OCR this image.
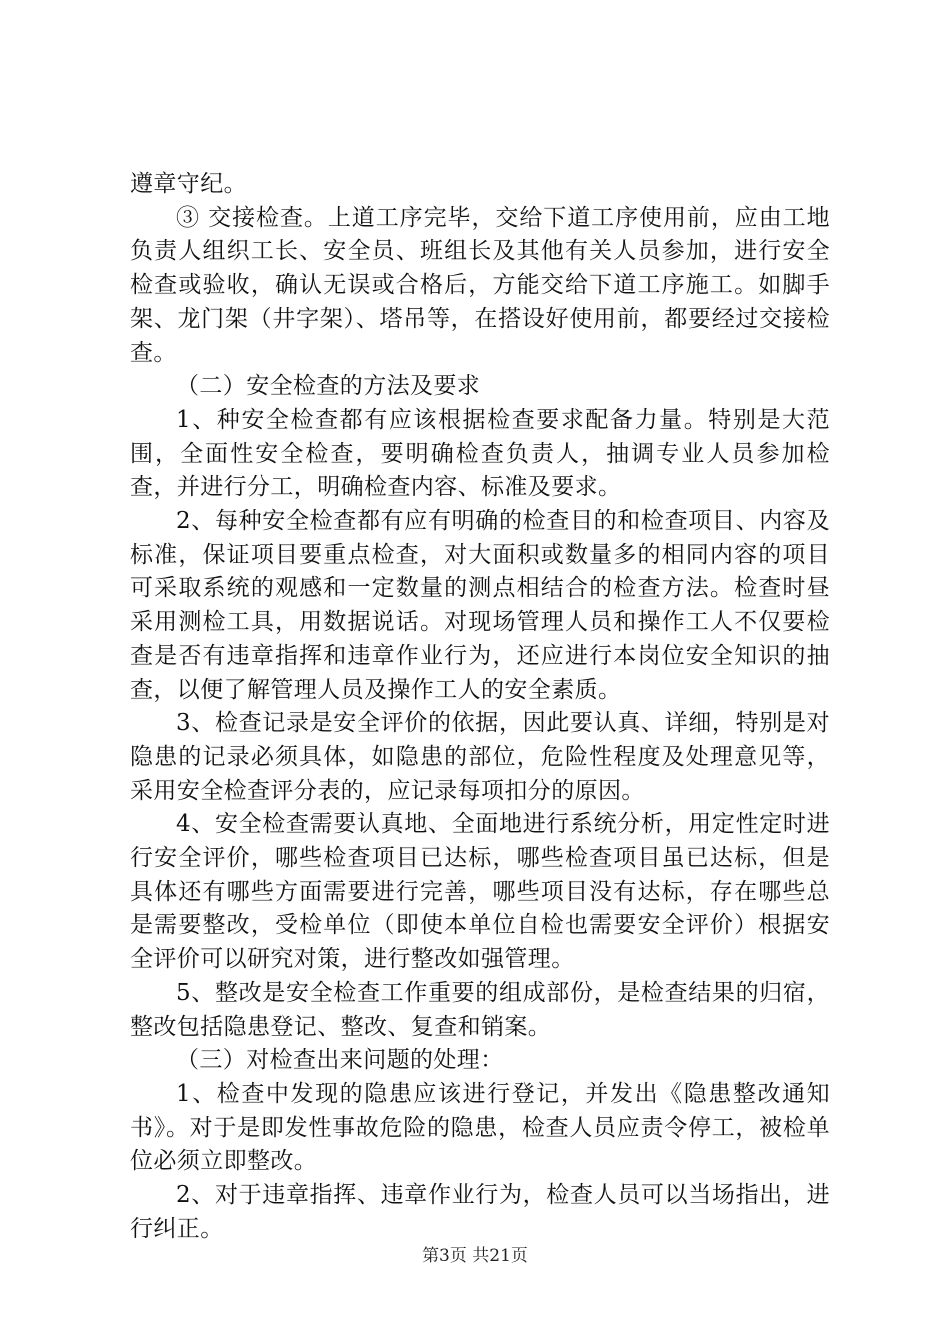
遵章守纪。

③ 交接检查。上道工序完毕，交给下道工序使用前，应由工地负责人组织工长、安全员、班组长及其他有关人员参加，进行安全检查或验收，确认无误或合格后，方能交给下道工序施工。如脚手架、龙门架（井字架）、塔吊等，在搭设好使用前，都要经过交接检查。

（二）安全检查的方法及要求

1、种安全检查都有应该根据检查要求配备力量。特别是大范围，全面性安全检查，要明确检查负责人，抽调专业人员参加检查，并进行分工，明确检查内容、标准及要求。

2、每种安全检查都有应有明确的检查目的和检查项目、内容及标准，保证项目要重点检查，对大面积或数量多的相同内容的项目可采取系统的观感和一定数量的测点相结合的检查方法。检查时昼采用测检工具，用数据说话。对现场管理人员和操作工人不仅要检查是否有违章指挥和违章作业行为，还应进行本岗位安全知识的抽查，以便了解管理人员及操作工人的安全素质。

3、检查记录是安全评价的依据，因此要认真、详细，特别是对隐患的记录必须具体，如隐患的部位，危险性程度及处理意见等，采用安全检查评分表的，应记录每项扣分的原因。

4、安全检查需要认真地、全面地进行系统分析，用定性定时进行安全评价，哪些检查项目已达标，哪些检查项目虽已达标，但是具体还有哪些方面需要进行完善，哪些项目没有达标，存在哪些总是需要整改，受检单位（即使本单位自检也需要安全评价）根据安全评价可以研究对策，进行整改如强管理。

5、整改是安全检查工作重要的组成部份，是检查结果的归宿，整改包括隐患登记、整改、复查和销案。

（三）对检查出来问题的处理：

1、检查中发现的隐患应该进行登记，并发出《隐患整改通知书》。对于是即发性事故危险的隐患，检查人员应责令停工，被检单位必须立即整改。

2、对于违章指挥、违章作业行为，检查人员可以当场指出，进行纠正。

第3页 共21页
